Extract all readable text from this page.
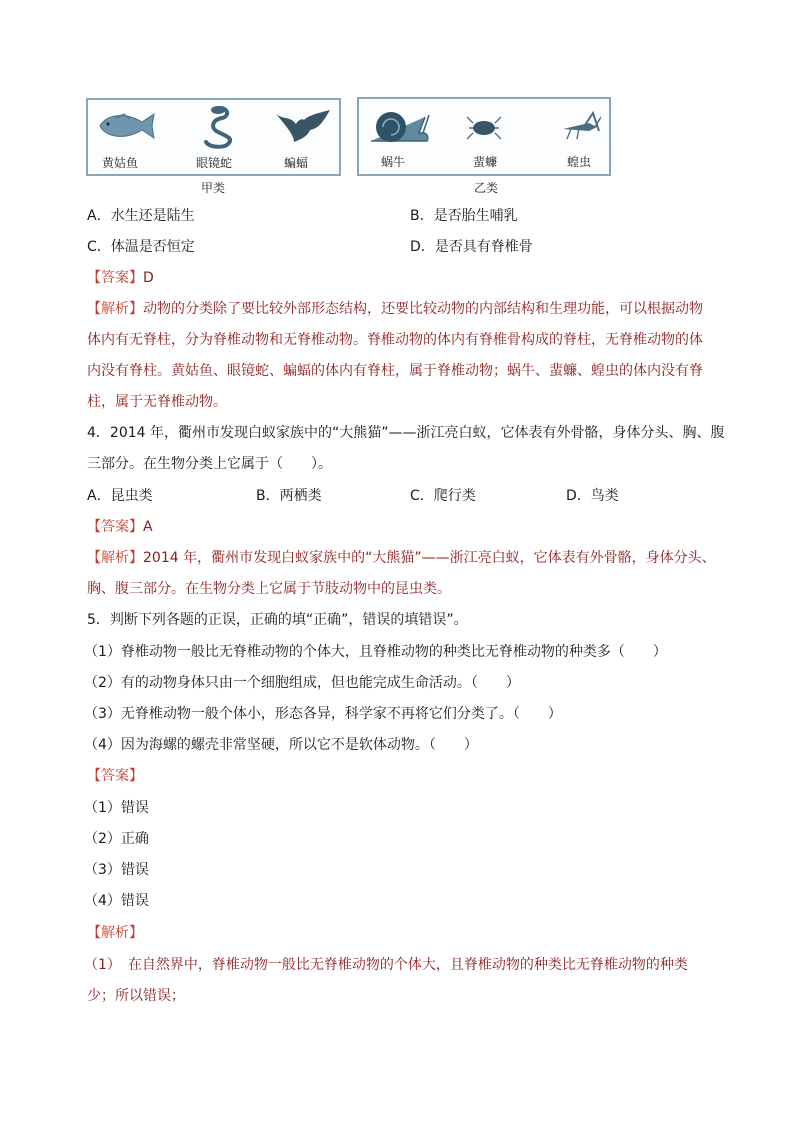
黄姑鱼	眼镜蛇	蝙蝠
甲类
蜗牛	蜚蠊	蝗虫
乙类
A．水生还是陆生	B．是否胎生哺乳
C．体温是否恒定	D．是否具有脊椎骨
【答案】D
【解析】动物的分类除了要比较外部形态结构，还要比较动物的内部结构和生理功能，可以根据动物
体内有无脊柱，分为脊椎动物和无脊椎动物。脊椎动物的体内有脊椎骨构成的脊柱，无脊椎动物的体
内没有脊柱。黄姑鱼、眼镜蛇、蝙蝠的体内有脊柱，属于脊椎动物；蜗牛、蜚蠊、蝗虫的体内没有脊
柱，属于无脊椎动物。
4．2014 年，衢州市发现白蚁家族中的“大熊猫”——浙江亮白蚁，它体表有外骨骼，身体分头、胸、腹
三部分。在生物分类上它属于（　　）。
A．昆虫类	B．两栖类	C．爬行类	D．鸟类
【答案】A
【解析】2014 年，衢州市发现白蚁家族中的“大熊猫”——浙江亮白蚁，它体表有外骨骼，身体分头、
胸、腹三部分。在生物分类上它属于节肢动物中的昆虫类。
5．判断下列各题的正误，正确的填“正确”，错误的填错误”。
（1）脊椎动物一般比无脊椎动物的个体大，且脊椎动物的种类比无脊椎动物的种类多（　　）
（2）有的动物身体只由一个细胞组成，但也能完成生命活动。（　　）
（3）无脊椎动物一般个体小，形态各异，科学家不再将它们分类了。（　　）
（4）因为海螺的螺壳非常坚硬，所以它不是软体动物。（　　）
【答案】
（1）错误
（2）正确
（3）错误
（4）错误
【解析】
（1）　在自然界中，脊椎动物一般比无脊椎动物的个体大，且脊椎动物的种类比无脊椎动物的种类
少；所以错误；
